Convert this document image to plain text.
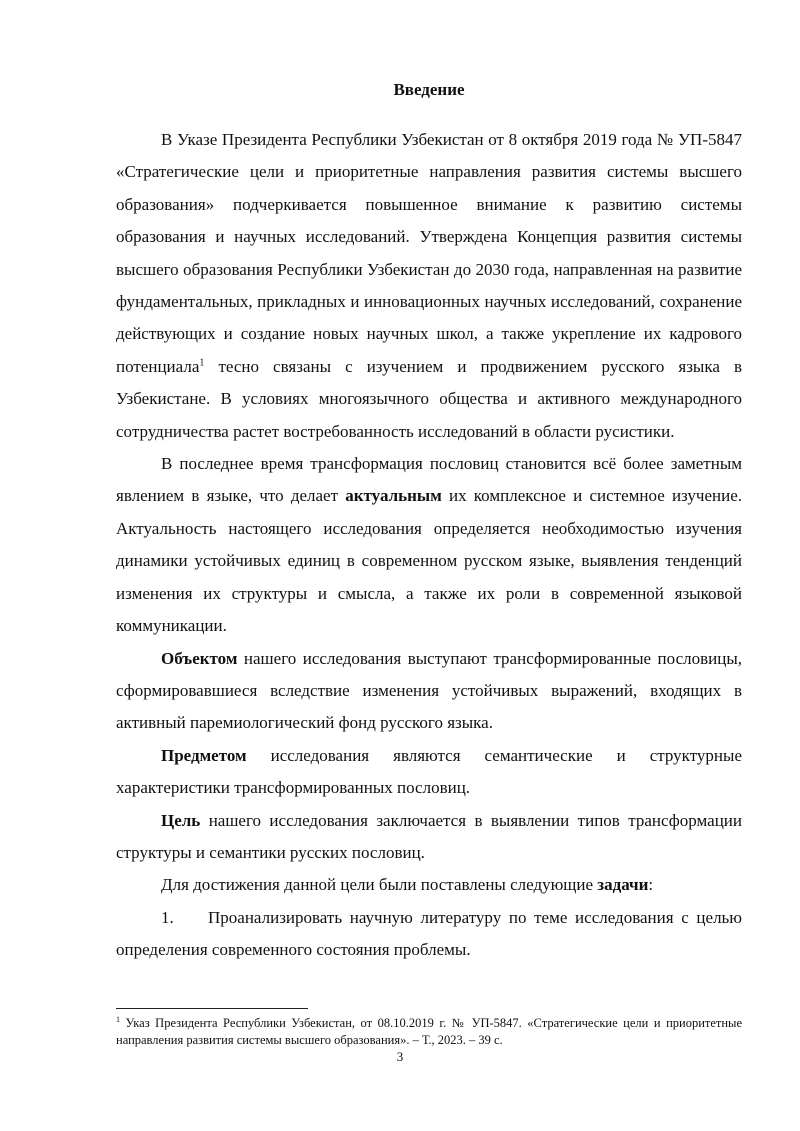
Введение

В Указе Президента Республики Узбекистан от 8 октября 2019 года № УП-5847 «Стратегические цели и приоритетные направления развития системы высшего образования» подчеркивается повышенное внимание к развитию системы образования и научных исследований. Утверждена Концепция развития системы высшего образования Республики Узбекистан до 2030 года, направленная на развитие фундаментальных, прикладных и инновационных научных исследований, сохранение действующих и создание новых научных школ, а также укрепление их кадрового потенциала$^1$ тесно связаны с изучением и продвижением русского языка в Узбекистане. В условиях многоязычного общества и активного международного сотрудничества растет востребованность исследований в области русистики.

В последнее время трансформация пословиц становится всё более заметным явлением в языке, что делает актуальным их комплексное и системное изучение. Актуальность настоящего исследования определяется необходимостью изучения динамики устойчивых единиц в современном русском языке, выявления тенденций изменения их структуры и смысла, а также их роли в современной языковой коммуникации.

Объектом нашего исследования выступают трансформированные пословицы, сформировавшиеся вследствие изменения устойчивых выражений, входящих в активный паремиологический фонд русского языка.

Предметом исследования являются семантические и структурные характеристики трансформированных пословиц.

Цель нашего исследования заключается в выявлении типов трансформации структуры и семантики русских пословиц.

Для достижения данной цели были поставлены следующие задачи:

1. Проанализировать научную литературу по теме исследования с целью определения современного состояния проблемы.

$^1$ Указ Президента Республики Узбекистан, от 08.10.2019 г. № УП-5847. «Стратегические цели и приоритетные направления развития системы высшего образования». – Т., 2023. – 39 с.

3
